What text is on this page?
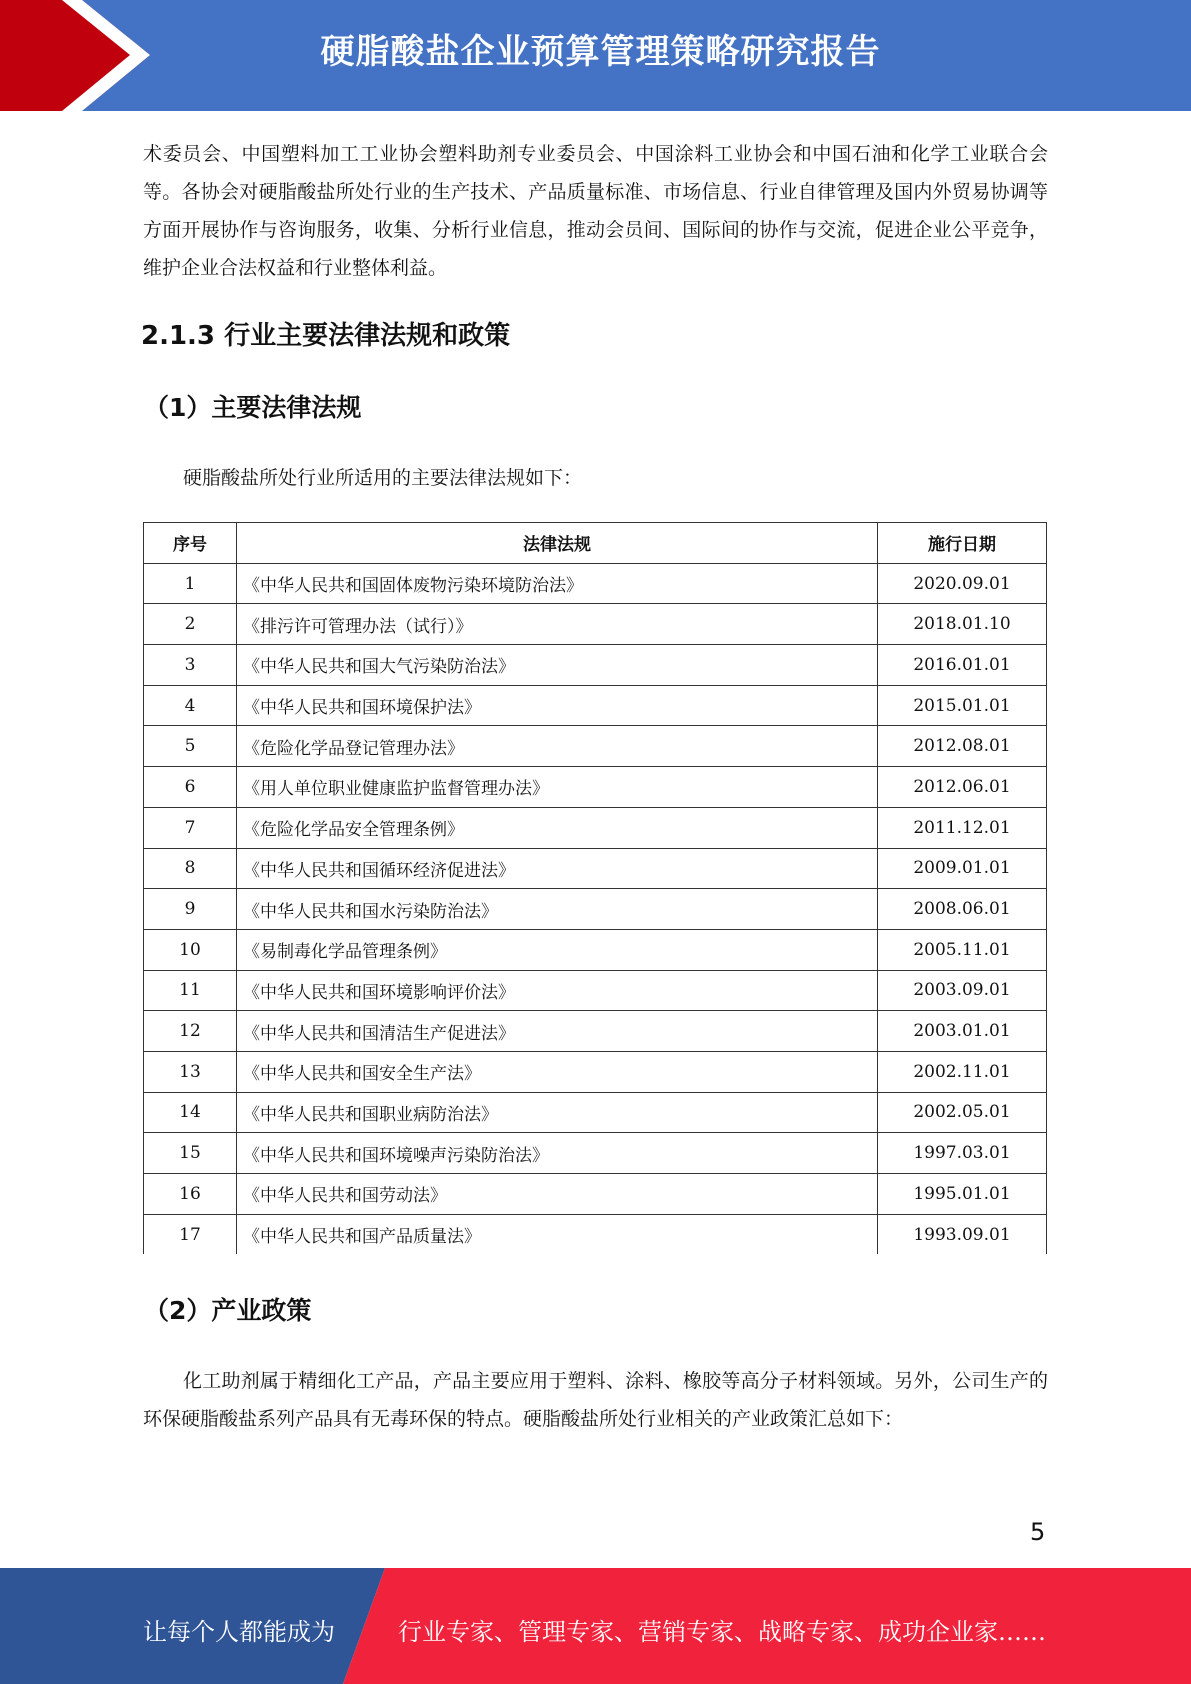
硬脂酸盐企业预算管理策略研究报告

术委员会、中国塑料加工工业协会塑料助剂专业委员会、中国涂料工业协会和中国石油和化学工业联合会等。各协会对硬脂酸盐所处行业的生产技术、产品质量标准、市场信息、行业自律管理及国内外贸易协调等方面开展协作与咨询服务，收集、分析行业信息，推动会员间、国际间的协作与交流，促进企业公平竞争，维护企业合法权益和行业整体利益。

2.1.3 行业主要法律法规和政策
（1）主要法律法规

硬脂酸盐所处行业所适用的主要法律法规如下：

序号	法律法规	施行日期
1	《中华人民共和国固体废物污染环境防治法》	2020.09.01
2	《排污许可管理办法（试行）》	2018.01.10
3	《中华人民共和国大气污染防治法》	2016.01.01
4	《中华人民共和国环境保护法》	2015.01.01
5	《危险化学品登记管理办法》	2012.08.01
6	《用人单位职业健康监护监督管理办法》	2012.06.01
7	《危险化学品安全管理条例》	2011.12.01
8	《中华人民共和国循环经济促进法》	2009.01.01
9	《中华人民共和国水污染防治法》	2008.06.01
10	《易制毒化学品管理条例》	2005.11.01
11	《中华人民共和国环境影响评价法》	2003.09.01
12	《中华人民共和国清洁生产促进法》	2003.01.01
13	《中华人民共和国安全生产法》	2002.11.01
14	《中华人民共和国职业病防治法》	2002.05.01
15	《中华人民共和国环境噪声污染防治法》	1997.03.01
16	《中华人民共和国劳动法》	1995.01.01
17	《中华人民共和国产品质量法》	1993.09.01
（2）产业政策

化工助剂属于精细化工产品，产品主要应用于塑料、涂料、橡胶等高分子材料领域。另外，公司生产的环保硬脂酸盐系列产品具有无毒环保的特点。硬脂酸盐所处行业相关的产业政策汇总如下：

5
让每个人都能成为	行业专家、管理专家、营销专家、战略专家、成功企业家……
